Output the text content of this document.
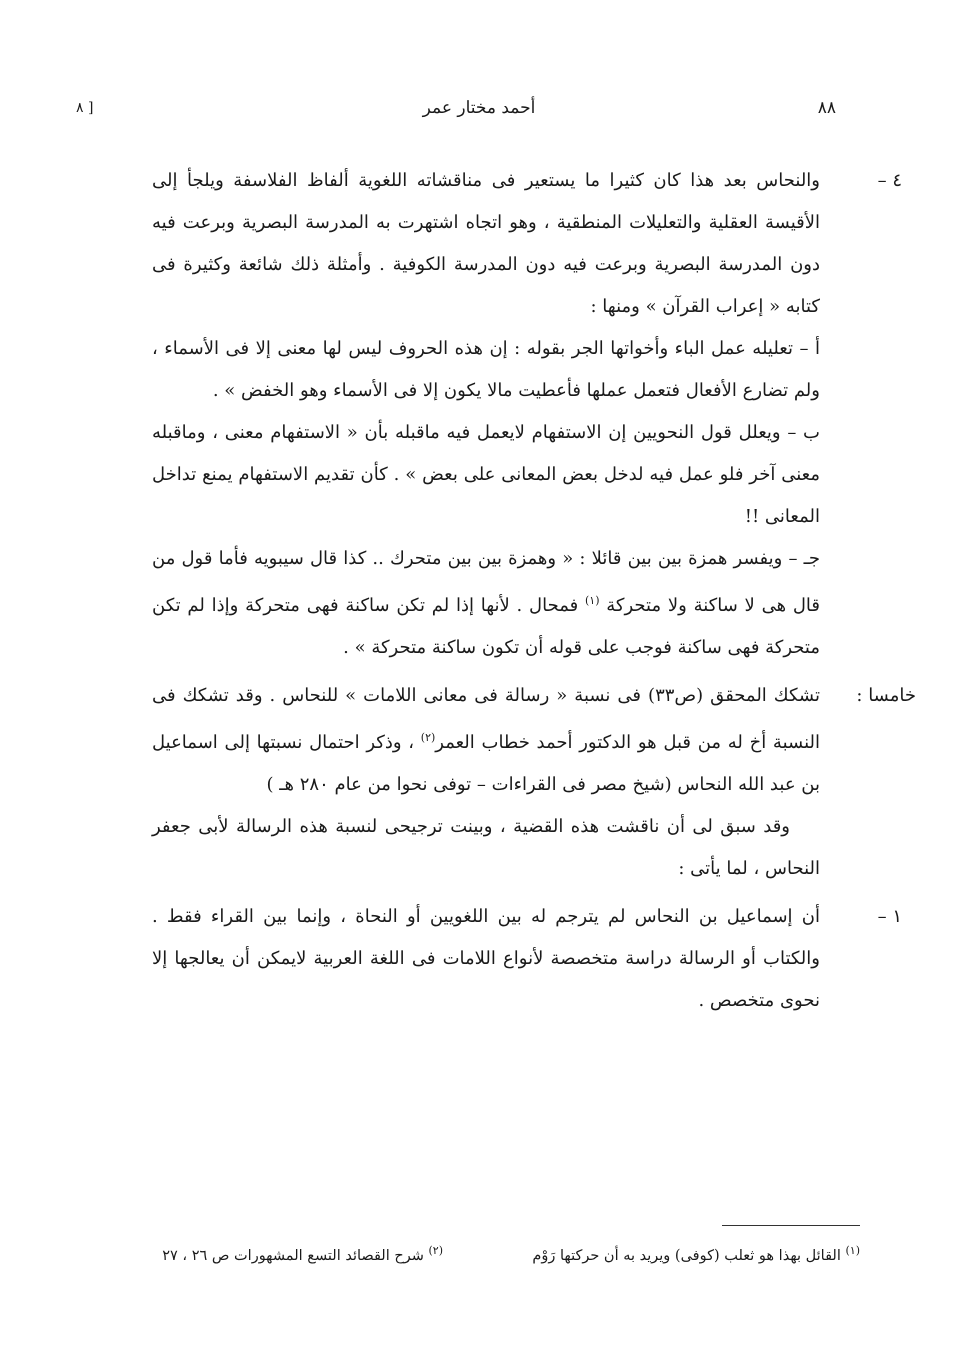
٨٨
أحمد مختار عمر
[ ٨
٤ –

والنحاس بعد هذا كان كثيرا ما يستعير فى مناقشاته اللغوية ألفاظ الفلاسفة ويلجأ إلى الأقيسة العقلية والتعليلات المنطقية ، وهو اتجاه اشتهرت به المدرسة البصرية وبرعت فيه دون المدرسة البصرية وبرعت فيه دون المدرسة الكوفية . وأمثلة ذلك شائعة وكثيرة فى كتابه « إعراب القرآن » ومنها :

أ – تعليله عمل الباء وأخواتها الجر بقوله : إن هذه الحروف ليس لها معنى إلا فى الأسماء ، ولم تضارع الأفعال فتعمل عملها فأعطيت مالا يكون إلا فى الأسماء وهو الخفض » .

ب – ويعلل قول النحويين إن الاستفهام لايعمل فيه ماقبله بأن « الاستفهام معنى ، وماقبله معنى آخر فلو عمل فيه لدخل بعض المعانى على بعض » . كأن تقديم الاستفهام يمنع تداخل المعانى !!

جـ – ويفسر همزة بين بين قائلا : « وهمزة بين بين متحرك .. كذا قال سيبويه فأما قول من قال هى لا ساكنة ولا متحركة $^{(١)}$ فمحال . لأنها إذا لم تكن ساكنة فهى متحركة وإذا لم تكن متحركة فهى ساكنة فوجب على قوله أن تكون ساكنة متحركة » .

خامسا :

تشكك المحقق (ص٣٣) فى نسبة « رسالة فى معانى اللامات » للنحاس . وقد تشكك فى النسبة أخ له من قبل هو الدكتور أحمد خطاب العمر$^{(٢)}$ ، وذكر احتمال نسبتها إلى اسماعيل بن عبد الله النحاس (شيخ مصر فى القراءات – توفى نحوا من عام ٢٨٠ هـ )

وقد سبق لى أن ناقشت هذه القضية ، وبينت ترجيحى لنسبة هذه الرسالة لأبى جعفر النحاس ، لما يأتى :

١ –

أن إسماعيل بن النحاس لم يترجم له بين اللغويين أو النحاة ، وإنما بين القراء فقط . والكتاب أو الرسالة دراسة متخصصة لأنواع اللامات فى اللغة العربية لايمكن أن يعالجها إلا نحوى متخصص .

$^{(١)}$ القائل بهذا هو ثعلب (كوفى) ويريد به أن حركتها رَوْم
$^{(٢)}$ شرح القصائد التسع المشهورات ص ٢٦ ، ٢٧
